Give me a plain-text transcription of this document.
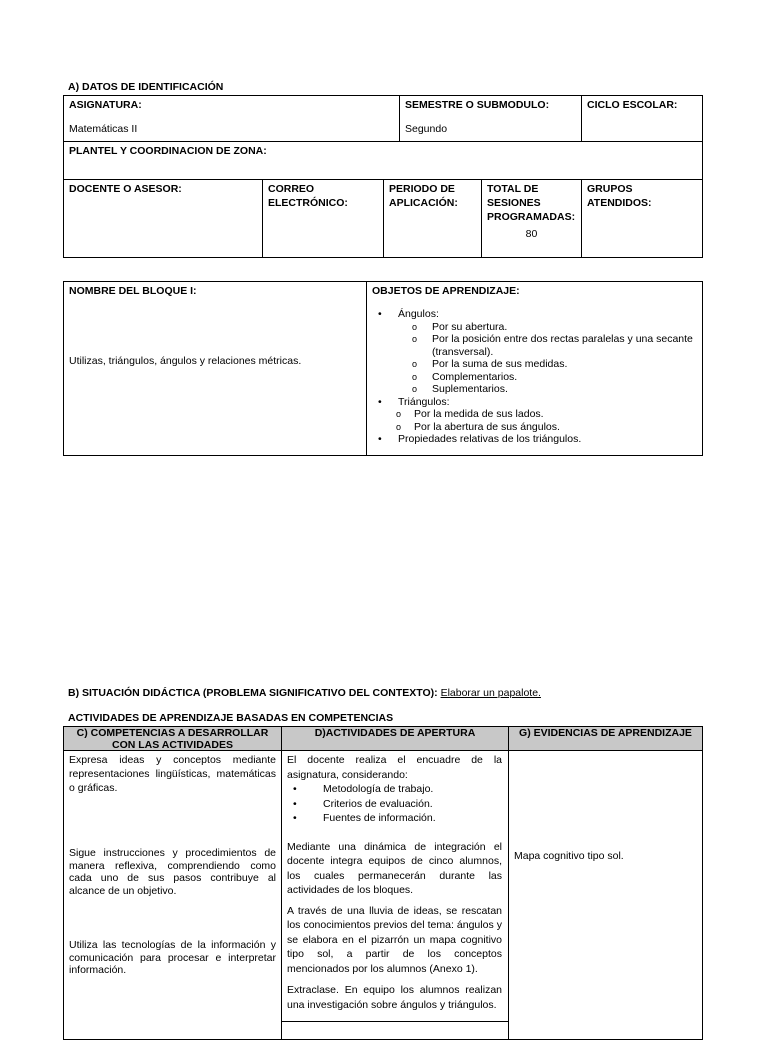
A) DATOS DE IDENTIFICACIÓN
ASIGNATURA:
Matemáticas II
SEMESTRE O SUBMODULO:
Segundo
CICLO ESCOLAR:
PLANTEL Y COORDINACION DE ZONA:
DOCENTE O ASESOR:	CORREO
ELECTRÓNICO:
PERIODO DE
APLICACIÓN:
TOTAL DE
SESIONES
PROGRAMADAS:
80
GRUPOS
ATENDIDOS:
NOMBRE DEL BLOQUE I:
Utilizas, triángulos, ángulos y relaciones métricas.
OBJETOS DE APRENDIZAJE:
• Ángulos:
o Por su abertura.
o Por la posición entre dos rectas paralelas y una secante (transversal).
o Por la suma de sus medidas.
o Complementarios.
o Suplementarios.
• Triángulos:
o Por la medida de sus lados.
o Por la abertura de sus ángulos.
• Propiedades relativas de los triángulos.
B) SITUACIÓN DIDÁCTICA (PROBLEMA SIGNIFICATIVO DEL CONTEXTO): Elaborar un papalote.
ACTIVIDADES DE APRENDIZAJE BASADAS EN COMPETENCIAS
C) COMPETENCIAS A DESARROLLAR CON LAS ACTIVIDADES
D)ACTIVIDADES DE APERTURA	G) EVIDENCIAS DE APRENDIZAJE
Expresa ideas y conceptos mediante representaciones lingüísticas, matemáticas o gráficas.
Sigue instrucciones y procedimientos de manera reflexiva, comprendiendo como cada uno de sus pasos contribuye al alcance de un objetivo.
Utiliza las tecnologías de la información y comunicación para procesar e interpretar información.
El docente realiza el encuadre de la asignatura, considerando:
• Metodología de trabajo.
• Criterios de evaluación.
• Fuentes de información.
Mediante una dinámica de integración el docente integra equipos de cinco alumnos, los cuales permanecerán durante las actividades de los bloques.
A través de una lluvia de ideas, se rescatan los conocimientos previos del tema: ángulos y se elabora en el pizarrón un mapa cognitivo tipo sol, a partir de los conceptos mencionados por los alumnos (Anexo 1).
Extraclase. En equipo los alumnos realizan una investigación sobre ángulos y triángulos.
Mapa cognitivo tipo sol.
